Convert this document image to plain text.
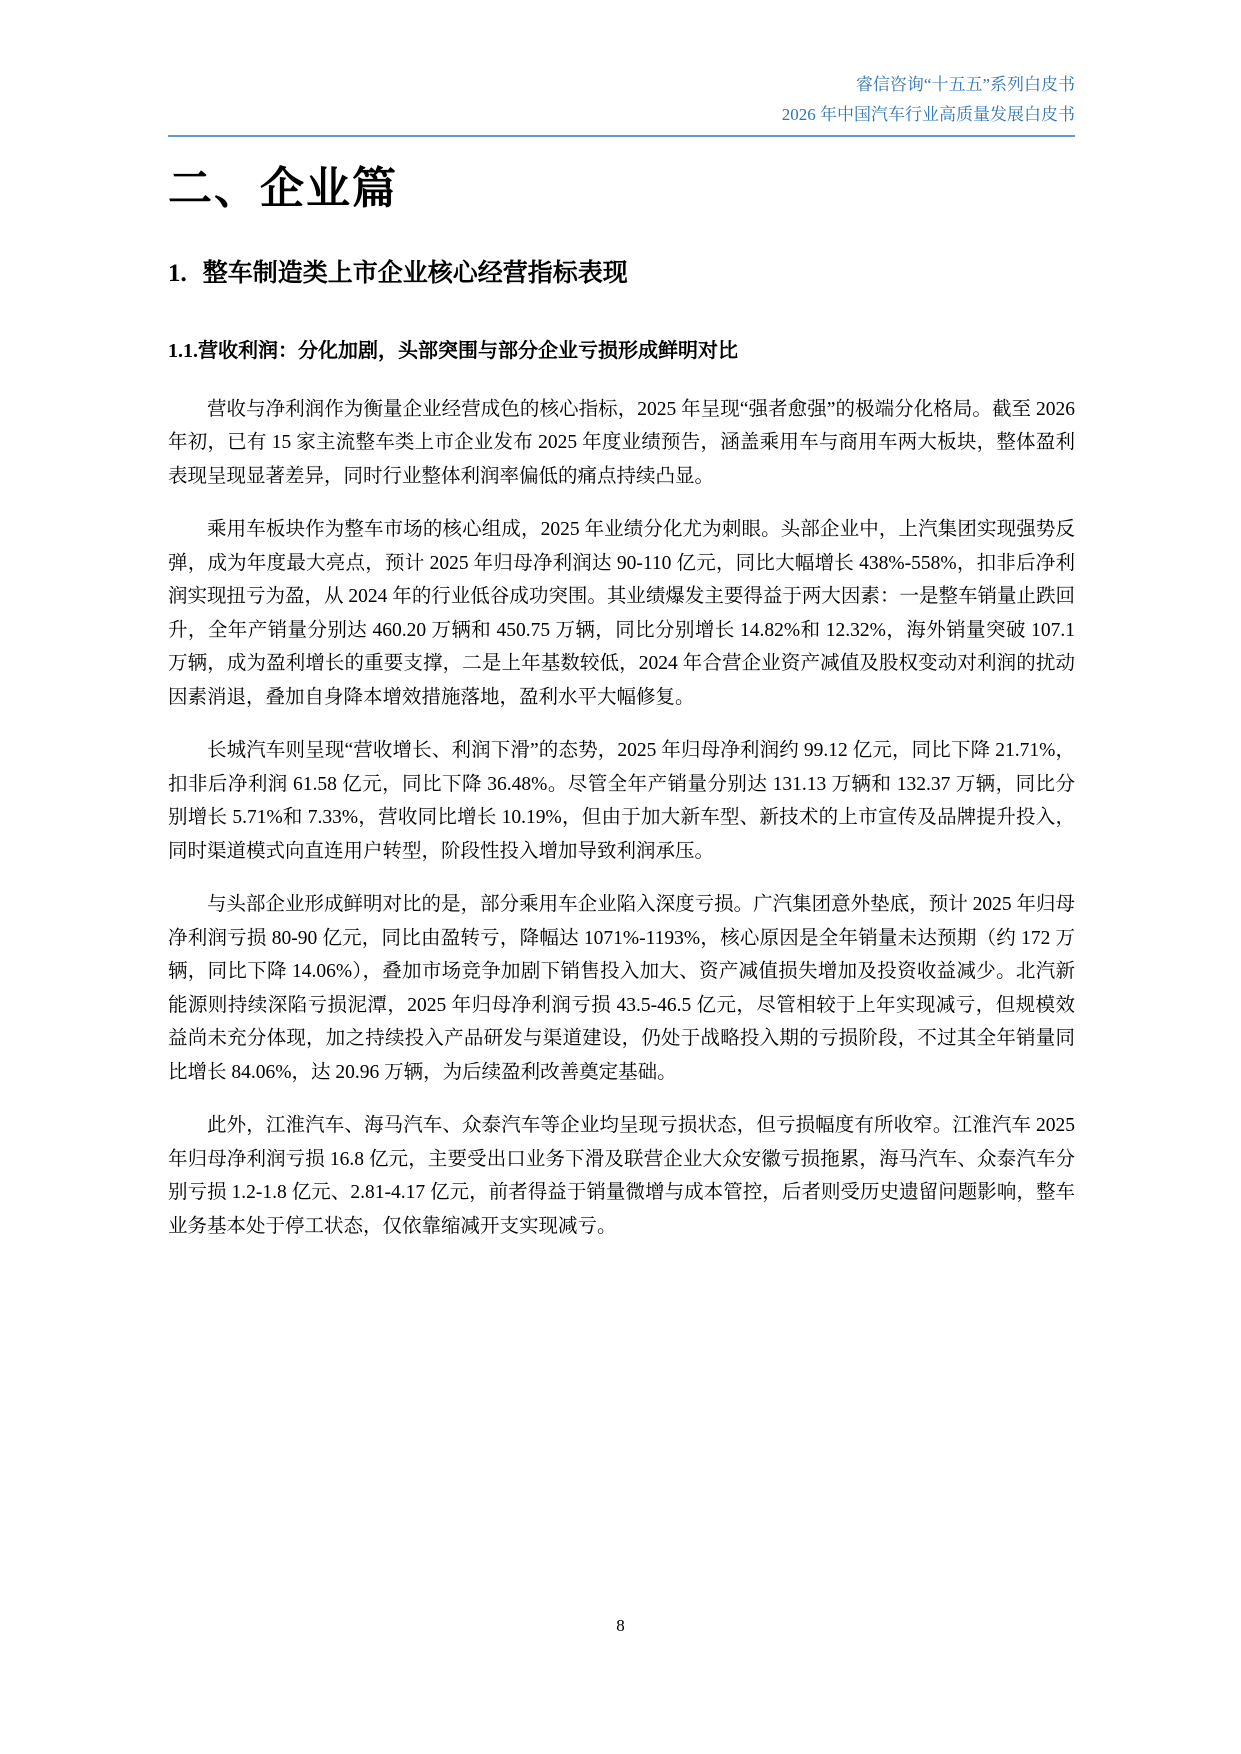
睿信咨询“十五五”系列白皮书
2026 年中国汽车行业高质量发展白皮书
二、企业篇
1. 整车制造类上市企业核心经营指标表现
1.1.营收利润：分化加剧，头部突围与部分企业亏损形成鲜明对比

营收与净利润作为衡量企业经营成色的核心指标，2025 年呈现“强者愈强”的极端分化格局。截至 2026 年初，已有 15 家主流整车类上市企业发布 2025 年度业绩预告，涵盖乘用车与商用车两大板块，整体盈利表现呈现显著差异，同时行业整体利润率偏低的痛点持续凸显。

乘用车板块作为整车市场的核心组成，2025 年业绩分化尤为刺眼。头部企业中，上汽集团实现强势反弹，成为年度最大亮点，预计 2025 年归母净利润达 90-110 亿元，同比大幅增长 438%-558%，扣非后净利润实现扭亏为盈，从 2024 年的行业低谷成功突围。其业绩爆发主要得益于两大因素：一是整车销量止跌回升，全年产销量分别达 460.20 万辆和 450.75 万辆，同比分别增长 14.82%和 12.32%，海外销量突破 107.1 万辆，成为盈利增长的重要支撑，二是上年基数较低，2024 年合营企业资产减值及股权变动对利润的扰动因素消退，叠加自身降本增效措施落地，盈利水平大幅修复。

长城汽车则呈现“营收增长、利润下滑”的态势，2025 年归母净利润约 99.12 亿元，同比下降 21.71%，扣非后净利润 61.58 亿元，同比下降 36.48%。尽管全年产销量分别达 131.13 万辆和 132.37 万辆，同比分别增长 5.71%和 7.33%，营收同比增长 10.19%，但由于加大新车型、新技术的上市宣传及品牌提升投入，同时渠道模式向直连用户转型，阶段性投入增加导致利润承压。

与头部企业形成鲜明对比的是，部分乘用车企业陷入深度亏损。广汽集团意外垫底，预计 2025 年归母净利润亏损 80-90 亿元，同比由盈转亏，降幅达 1071%-1193%，核心原因是全年销量未达预期（约 172 万辆，同比下降 14.06%），叠加市场竞争加剧下销售投入加大、资产减值损失增加及投资收益减少。北汽新能源则持续深陷亏损泥潭，2025 年归母净利润亏损 43.5-46.5 亿元，尽管相较于上年实现减亏，但规模效益尚未充分体现，加之持续投入产品研发与渠道建设，仍处于战略投入期的亏损阶段，不过其全年销量同比增长 84.06%，达 20.96 万辆，为后续盈利改善奠定基础。

此外，江淮汽车、海马汽车、众泰汽车等企业均呈现亏损状态，但亏损幅度有所收窄。江淮汽车 2025 年归母净利润亏损 16.8 亿元，主要受出口业务下滑及联营企业大众安徽亏损拖累，海马汽车、众泰汽车分别亏损 1.2-1.8 亿元、2.81-4.17 亿元，前者得益于销量微增与成本管控，后者则受历史遗留问题影响，整车业务基本处于停工状态，仅依靠缩减开支实现减亏。

8
